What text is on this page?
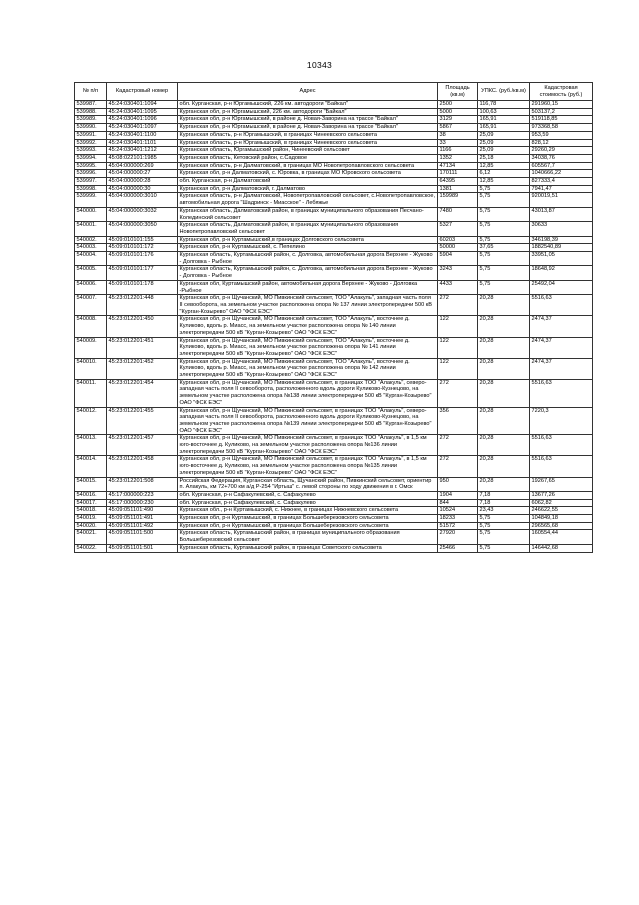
10343
№ п/п	Кадастровый номер	Адрес	Площадь (кв.м)	УПКС. (руб./кв.м)	Кадастровая стоимость (руб.)
539987.	45:24:030401:1094	обл. Курганская, р-н Юргамышский, 226 км. автодороги "Байкал"	2500	116,78	291960,15
539988.	45:24:030401:1095	Курганская обл, р-н Юргамышский, 226 км. автодороги "Байкал"	5000	100,63	503137,2
539989.	45:24:030401:1096	Курганская обл, р-н Юргамышский, в районе д. Новая-Заворина на трассе "Байкал"	3129	165,91	519118,85
539990.	45:24:030401:1097	Курганская обл, р-н Юргамышский, в районе д. Новая-Заворина на трассе "Байкал"	5867	165,91	973368,58
539991.	45:24:030401:1100	Курганская область, р-н Юргамышский, в границах Чинеевского сельсовета	38	25,09	953,59
539992.	45:24:030401:1101	Курганская область, р-н Юргамышский, в границах Чинеевского сельсовета	33	25,09	828,12
539993.	45:24:030401:1212	Курганская область, Юргамышский район, Чинеевский сельсовет	1166	25,09	29260,29
539994.	45:08:022101:1985	Курганская область, Кетовский район, с.Садовое	1352	25,18	34038,76
539995.	45:04:000000:269	Курганская область, р-н Далматовский, в границах МО Новопетропавловского сельсовета	47134	12,85	605567,7
539996.	45:04:000000:27	Курганская обл, р-н Далматовский, с. Юровка, в границах МО Юровского сельсовета	170111	6,12	1040666,22
539997.	45:04:000000:28	обл. Курганская, р-н Далматовский	64395	12,85	827333,4
539998.	45:04:000000:30	Курганская обл, р-н Далматовский, г. Далматово	1381	5,75	7941,47
539999.	45:04:000000:3010	Курганская область, р-н Далматовский, Новопетропавловский сельсовет, с.Новопетропавловское, автомобильная дорога "Шадринск - Миасское" - Лебяжье	159989	5,75	920019,51
540000.	45:04:000000:3032	Курганская область, Далматовский район, в границах муниципального образования Песчано-Колединский сельсовет	7480	5,75	43013,87
540001.	45:04:000000:3050	Курганская область, Далматовский район, в границах муниципального образования Новопетропавловский сельсовет	5327	5,75	30633
540002.	45:09:010101:155	Курганская обл, р-н Куртамышский,в границах Долговского сельсовета	60203	5,75	346198,39
540003.	45:09:010101:172	Курганская обл, р-н Куртамышский, с. Пепелино	50000	37,65	1882540,89
540004.	45:09:010101:176	Курганская область, Куртамышский район, с. Долговка, автомобильная дорога Верхнее - Жуково - Долговка - Рыбное	5904	5,75	33951,05
540005.	45:09:010101:177	Курганская область, Куртамышский район, с. Долговка, автомобильная дорога Верхнее - Жуково - Долговка - Рыбное	3243	5,75	18648,92
540006.	45:09:010101:178	Курганская обл, Куртамышский район, автомобильная дорога Верхнее - Жуково - Долговка -Рыбное	4433	5,75	25492,04
540007.	45:23:012201:448	Курганская обл, р-н Щучанский, МО Пивкинский сельсовет, ТОО "Алакуль", западная часть поля II севооборота, на земельном участке расположена опора № 137 линии электропередачи 500 кВ "Курган-Козырево" ОАО "ФСК ЕЭС"	272	20,28	5516,63
540008.	45:23:012201:450	Курганская обл, р-н Щучанский, МО Пивкинский сельсовет, ТОО "Алакуль", восточнее д. Куликово, вдоль р. Миасс, на земельном участке расположена опора № 140 линии электропередачи 500 кВ "Курган-Козырево" ОАО "ФСК ЕЭС"	122	20,28	2474,37
540009.	45:23:012201:451	Курганская обл, р-н Щучанский, МО Пивкинский сельсовет, ТОО "Алакуль", восточнее д. Куликово, вдоль р. Миасс, на земельном участке расположена опора № 141 линии электропередачи 500 кВ "Курган-Козырево" ОАО "ФСК ЕЭС"	122	20,28	2474,37
540010.	45:23:012201:452	Курганская обл, р-н Щучанский, МО Пивкинский сельсовет, ТОО "Алакуль", восточнее д. Куликово, вдоль р. Миасс, на земельном участке расположена опора № 142 линии электропередачи 500 кВ "Курган-Козырево" ОАО "ФСК ЕЭС"	122	20,28	2474,37
540011.	45:23:012201:454	Курганская обл, р-н Щучанский, МО Пивкинский сельсовет, в границах ТОО "Алакуль", северо-западная часть поля II севооборота, расположенного вдоль дороги Куликово-Кузнецово, на земельном участке расположена опора №138 линии электропередачи 500 кВ "Курган-Козырево" ОАО "ФСК ЕЭС"	272	20,28	5516,63
540012.	45:23:012201:455	Курганская обл, р-н Щучанский, МО Пивкинский сельсовет, в границах ТОО "Алакуль", северо-западная часть поля II севооборота, расположенного вдоль дороги Куликово-Кузнецово, на земельном участке расположена опора №139 линии электропередачи 500 кВ "Курган-Козырево" ОАО "ФСК ЕЭС"	356	20,28	7220,3
540013.	45:23:012201:457	Курганская обл, р-н Щучанский, МО Пивкинский сельсовет, в границах ТОО "Алакуль", в 1,5 км юго-восточнее д. Куликово, на земельном участке расположена опора №136 линии электропередачи 500 кВ "Курган-Козырево" ОАО "ФСК ЕЭС"	272	20,28	5516,63
540014.	45:23:012201:458	Курганская обл, р-н Щучанский, МО Пивкинский сельсовет, в границах ТОО "Алакуль", в 1,5 км юго-восточнее д. Куликово, на земельном участке расположена опора №135 линии электропередачи 500 кВ "Курган-Козырево" ОАО "ФСК ЕЭС"	272	20,28	5516,63
540015.	45:23:012201:508	Российская Федерация, Курганская область, Щучанский район, Пивкинский сельсовет, ориентир п. Алакуль, км 72+700 км а/д Р-254 "Иртыш" с. левой стороны по ходу движения в г. Омск	950	20,28	19267,65
540016.	45:17:000000:223	обл. Курганская, р-н Сафакулевский, с. Сафакулево	1904	7,18	13677,26
540017.	45:17:000000:230	обл. Курганская, р-н Сафакулевский, с. Сафакулево	844	7,18	6062,82
540018.	45:09:051101:490	Курганская обл., р-н Куртамышский, с. Нижнее, в границах Нижневского сельсовета	10524	23,43	246622,55
540019.	45:09:051101:491	Курганская обл, р-н Куртамышский, в границах Большеберезовского сельсовета	18233	5,75	104849,18
540020.	45:09:051101:492	Курганская обл, р-н Куртамышский, в границах Большеберезовского сельсовета	51572	5,75	296565,68
540021.	45:09:051101:500	Курганская область, Куртамышский район, в границах муниципального образования Большеберезовский сельсовет	27920	5,75	160554,44
540022.	45:09:051101:501	Курганская область, Куртамышский район, в границах Советского сельсовета	25466	5,75	146442,68
